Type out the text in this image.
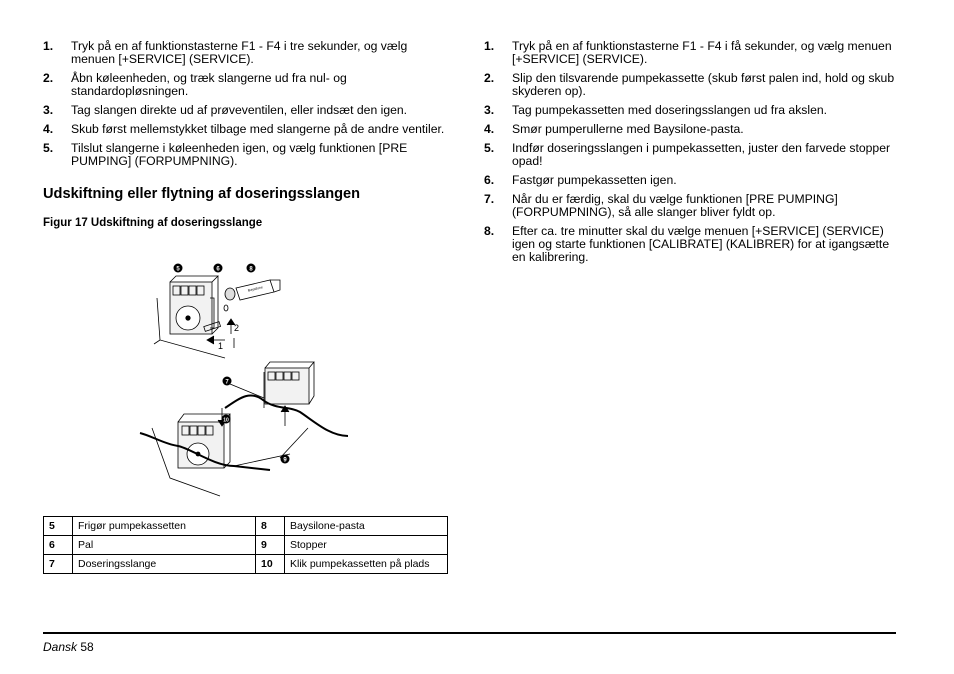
1.	Tryk på en af funktionstasterne F1 - F4 i tre sekunder, og vælg menuen [+SERVICE] (SERVICE).
2.	Åbn køleenheden, og træk slangerne ud fra nul- og standardopløsningen.
3.	Tag slangen direkte ud af prøveventilen, eller indsæt den igen.
4.	Skub først mellemstykket tilbage med slangerne på de andre ventiler.
5.	Tilslut slangerne i køleenheden igen, og vælg funktionen [PRE PUMPING] (FORPUMPNING).
Udskiftning eller flytning af doseringsslangen
Figur 17 Udskiftning af doseringsslange
5	6	8
7
10
9
2
1
Baysilone
5	Frigør pumpekassetten	8	Baysilone-pasta
6	Pal	9	Stopper
7	Doseringsslange	10	Klik pumpekassetten på plads
1.	Tryk på en af funktionstasterne F1 - F4 i få sekunder, og vælg menuen [+SERVICE] (SERVICE).
2.	Slip den tilsvarende pumpekassette (skub først palen ind, hold og skub skyderen op).
3.	Tag pumpekassetten med doseringsslangen ud fra akslen.
4.	Smør pumperullerne med Baysilone-pasta.
5.	Indfør doseringsslangen i pumpekassetten, juster den farvede stopper opad!
6.	Fastgør pumpekassetten igen.
7.	Når du er færdig, skal du vælge funktionen [PRE PUMPING] (FORPUMPNING), så alle slanger bliver fyldt op.
8.	Efter ca. tre minutter skal du vælge menuen [+SERVICE] (SERVICE) igen og starte funktionen [CALIBRATE] (KALIBRER) for at igangsætte en kalibrering.
Dansk 58
